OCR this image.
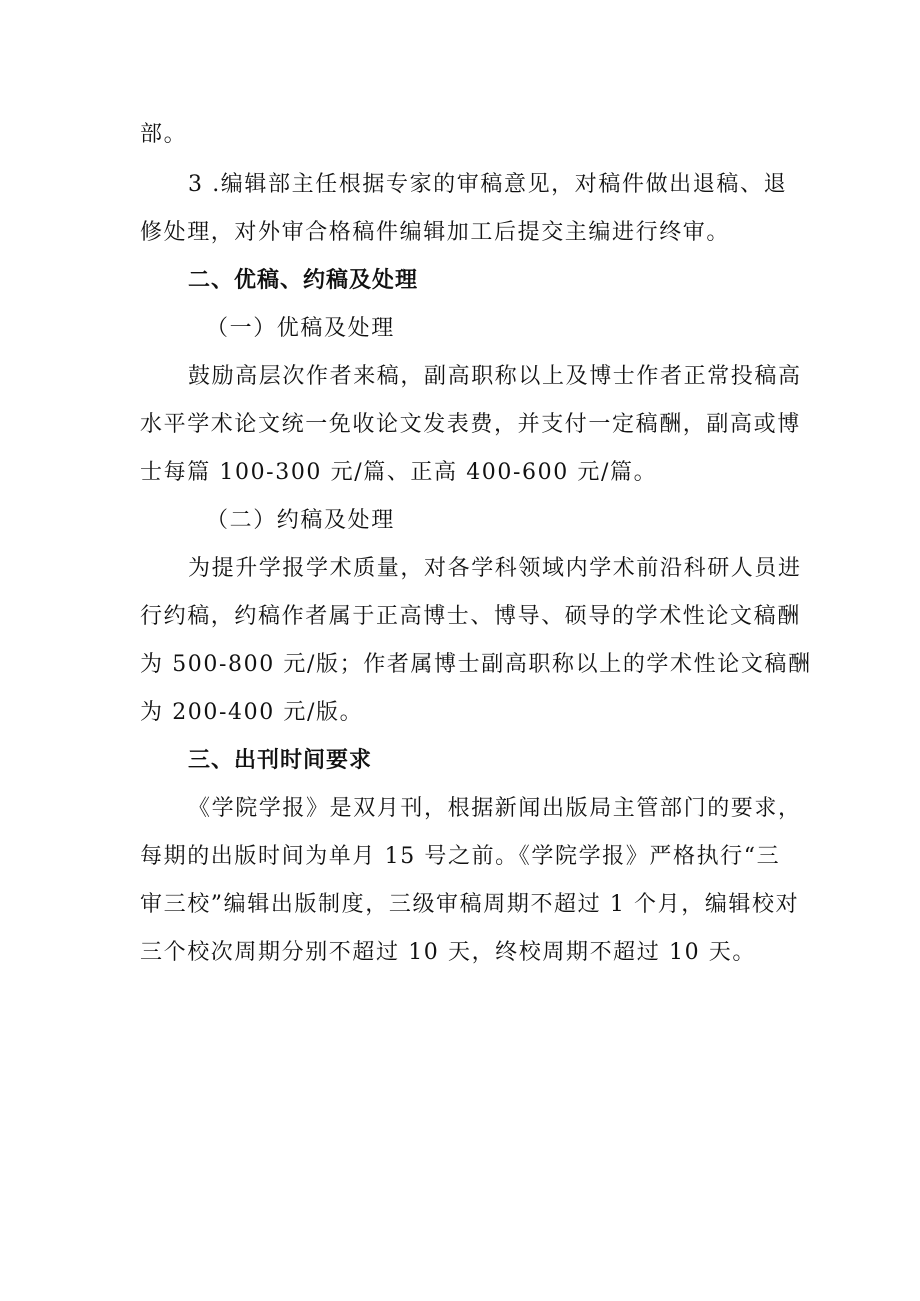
部。

3 .编辑部主任根据专家的审稿意见，对稿件做出退稿、退

修处理，对外审合格稿件编辑加工后提交主编进行终审。

二、优稿、约稿及处理

（一）优稿及处理

鼓励高层次作者来稿，副高职称以上及博士作者正常投稿高

水平学术论文统一免收论文发表费，并支付一定稿酬，副高或博

士每篇 100-300 元/篇、正高 400-600 元/篇。

（二）约稿及处理

为提升学报学术质量，对各学科领域内学术前沿科研人员进

行约稿，约稿作者属于正高博士、博导、硕导的学术性论文稿酬

为 500-800 元/版；作者属博士副高职称以上的学术性论文稿酬

为 200-400 元/版。

三、出刊时间要求

《学院学报》是双月刊，根据新闻出版局主管部门的要求，

每期的出版时间为单月 15 号之前。《学院学报》严格执行“三

审三校”编辑出版制度，三级审稿周期不超过 1 个月，编辑校对

三个校次周期分别不超过 10 天，终校周期不超过 10 天。
